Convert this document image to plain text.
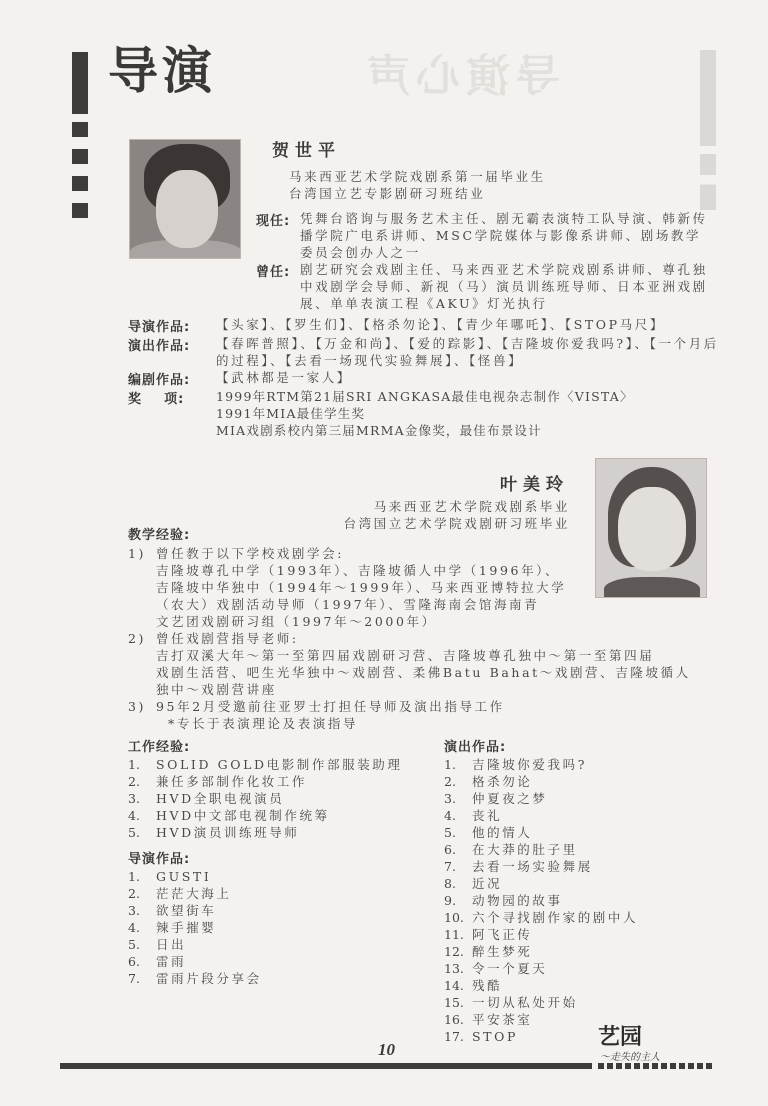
导演心声
导演
贺世平
马来西亚艺术学院戏剧系第一届毕业生
台湾国立艺专影剧研习班结业
现任: 凭舞台谘询与服务艺术主任、剧无霸表演特工队导演、韩新传播学院广电系讲师、MSC学院媒体与影像系讲师、剧场教学委员会创办人之一
曾任: 剧艺研究会戏剧主任、马来西亚艺术学院戏剧系讲师、尊孔独中戏剧学会导师、新视（马）演员训练班导师、日本亚洲戏剧展、单单表演工程《AKU》灯光执行
导演作品:	【头家】、【罗生们】、【格杀勿论】、【青少年哪吒】、【STOP马尺】
演出作品:	【春晖普照】、【万金和尚】、【爱的踪影】、【吉隆坡你爱我吗?】、【一个月后的过程】、【去看一场现代实验舞展】、【怪兽】
编剧作品:	【武林都是一家人】
奖    项:	1999年RTM第21届SRI ANGKASA最佳电视杂志制作〈VISTA〉
1991年MIA最佳学生奖
MIA戏剧系校内第三届MRMA金像奖，最佳布景设计
叶美玲
马来西亚艺术学院戏剧系毕业
台湾国立艺术学院戏剧研习班毕业
教学经验:
1) 曾任教于以下学校戏剧学会:
吉隆坡尊孔中学（1993年）、吉隆坡循人中学（1996年）、
吉隆坡中华独中（1994年～1999年）、马来西亚博特拉大学
（农大）戏剧活动导师（1997年）、雪隆海南会馆海南青
文艺团戏剧研习组（1997年～2000年）
2) 曾任戏剧营指导老师:
吉打双溪大年～第一至第四届戏剧研习营、吉隆坡尊孔独中～第一至第四届
戏剧生活营、吧生光华独中～戏剧营、柔佛Batu Bahat～戏剧营、吉隆坡循人
独中～戏剧营讲座
3) 95年2月受邀前往亚罗士打担任导师及演出指导工作
*专长于表演理论及表演指导
工作经验:
1.	SOLID GOLD电影制作部服装助理
2.	兼任多部制作化妆工作
3.	HVD全职电视演员
4.	HVD中文部电视制作统筹
5.	HVD演员训练班导师
导演作品:
1.	GUSTI
2.	茫茫大海上
3.	欲望街车
4.	辣手摧婴
5.	日出
6.	雷雨
7.	雷雨片段分享会
演出作品:
1.	吉隆坡你爱我吗?
2.	格杀勿论
3.	仲夏夜之梦
4.	丧礼
5.	他的情人
6.	在大莽的肚子里
7.	去看一场实验舞展
8.	近况
9.	动物园的故事
10. 六个寻找剧作家的剧中人
11. 阿飞正传
12. 醉生梦死
13. 令一个夏天
14. 残酷
15. 一切从私处开始
16. 平安茶室
17. STOP
10	艺园
～走失的主人
